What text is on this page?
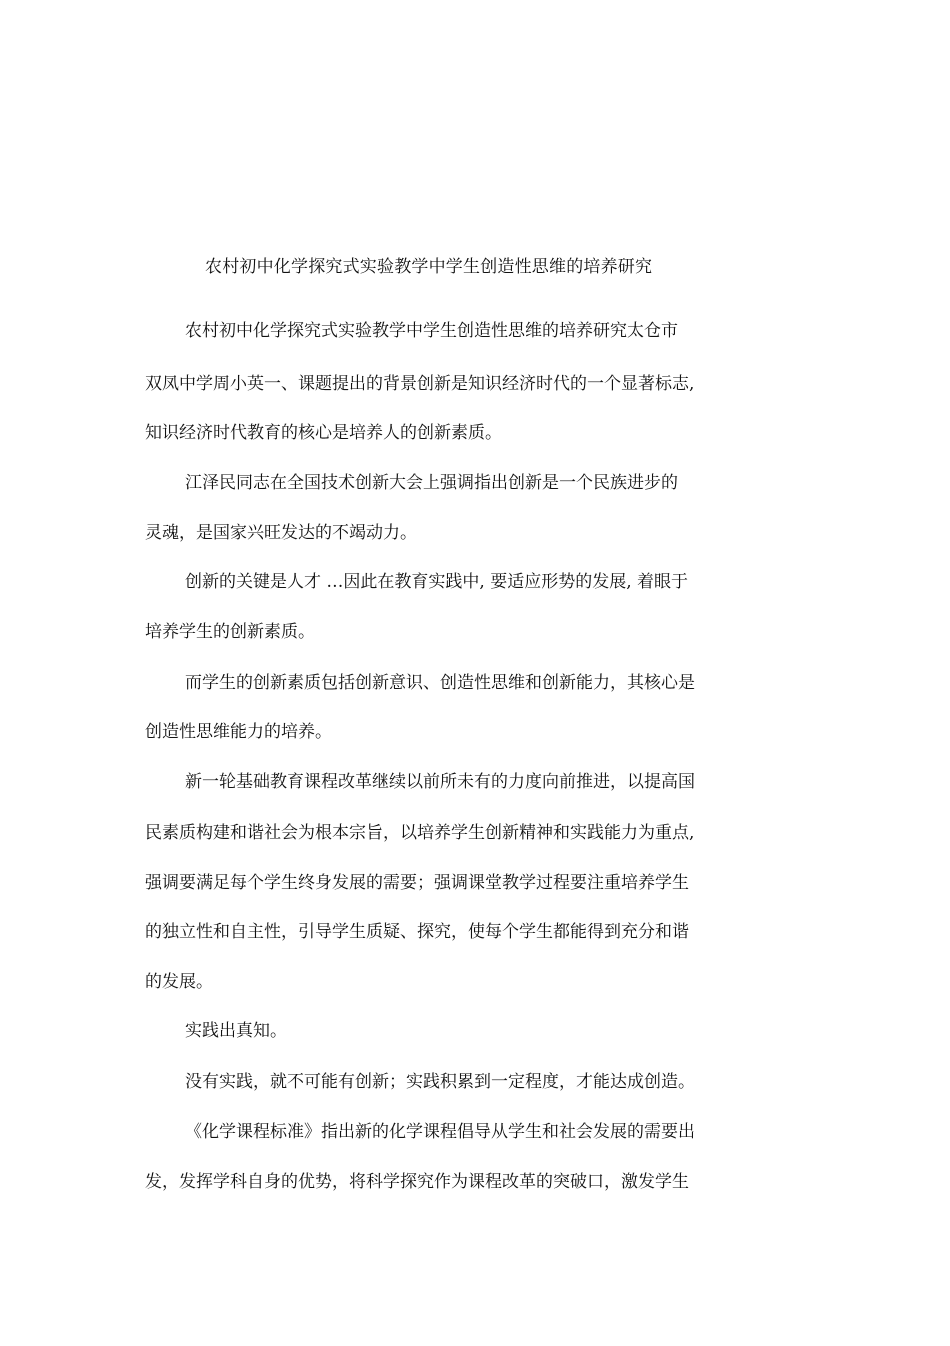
农村初中化学探究式实验教学中学生创造性思维的培养研究
农村初中化学探究式实验教学中学生创造性思维的培养研究太仓市
双凤中学周小英一、课题提出的背景创新是知识经济时代的一个显著标志,
知识经济时代教育的核心是培养人的创新素质。
江泽民同志在全国技术创新大会上强调指出创新是一个民族进步的
灵魂，是国家兴旺发达的不竭动力。
创新的关键是人才 …因此在教育实践中, 要适应形势的发展, 着眼于
培养学生的创新素质。
而学生的创新素质包括创新意识、创造性思维和创新能力，其核心是
创造性思维能力的培养。
新一轮基础教育课程改革继续以前所未有的力度向前推进，以提高国
民素质构建和谐社会为根本宗旨，以培养学生创新精神和实践能力为重点,
强调要满足每个学生终身发展的需要；强调课堂教学过程要注重培养学生
的独立性和自主性，引导学生质疑、探究，使每个学生都能得到充分和谐
的发展。
实践出真知。
没有实践，就不可能有创新；实践积累到一定程度，才能达成创造。
《化学课程标准》指出新的化学课程倡导从学生和社会发展的需要出
发，发挥学科自身的优势，将科学探究作为课程改革的突破口，激发学生
